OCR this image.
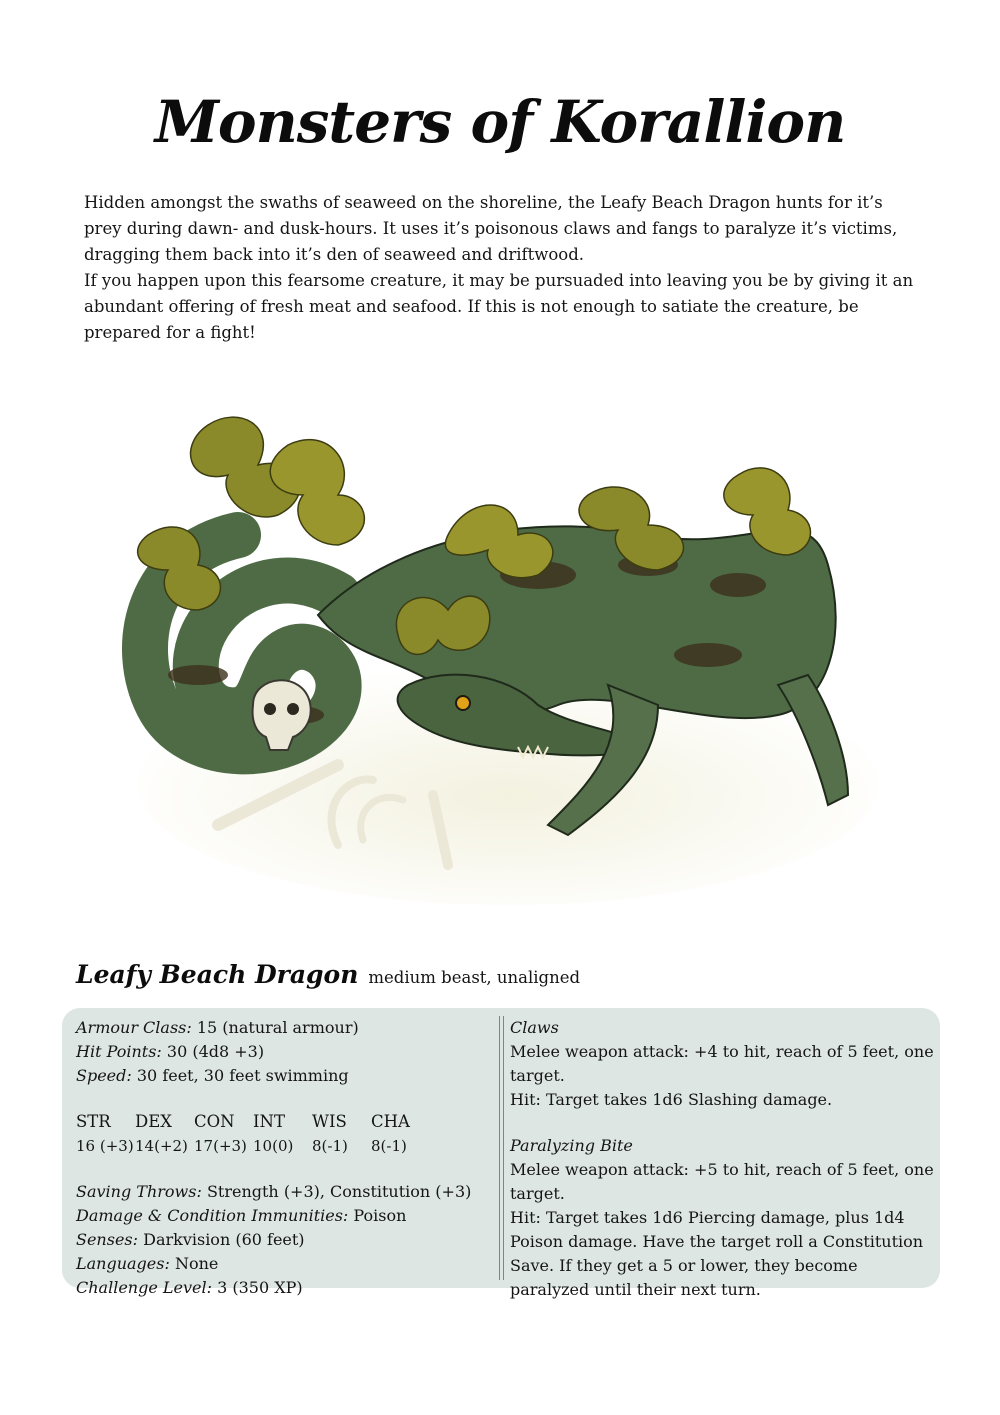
Monsters of Korallion

Hidden amongst the swaths of seaweed on the shoreline, the Leafy Beach Dragon hunts for it’s prey during dawn- and dusk-hours. It uses it’s poisonous claws and fangs to paralyze it’s victims, dragging them back into it’s den of seaweed and driftwood.

If you happen upon this fearsome creature, it may be pursuaded into leaving you be by giving it an abundant offering of fresh meat and seafood. If this is not enough to satiate the creature, be prepared for a fight!

Leafy Beach Dragon medium beast, unaligned
Armour Class: 15 (natural armour)
Hit Points: 30 (4d8 +3)
Speed: 30 feet, 30 feet swimming
STR
16 (+3)
DEX
14(+2)
CON
17(+3)
INT
10(0)
WIS
8(-1)
CHA
8(-1)
Saving Throws: Strength (+3), Constitution (+3)
Damage & Condition Immunities: Poison
Senses: Darkvision (60 feet)
Languages: None
Challenge Level: 3 (350 XP)
Claws
Melee weapon attack: +4 to hit, reach of 5 feet, one
target.
Hit: Target takes 1d6 Slashing damage.
Paralyzing Bite
Melee weapon attack: +5 to hit, reach of 5 feet, one
target.
Hit: Target takes 1d6 Piercing damage, plus 1d4
Poison damage. Have the target roll a Constitution
Save. If they get a 5 or lower, they become
paralyzed until their next turn.
